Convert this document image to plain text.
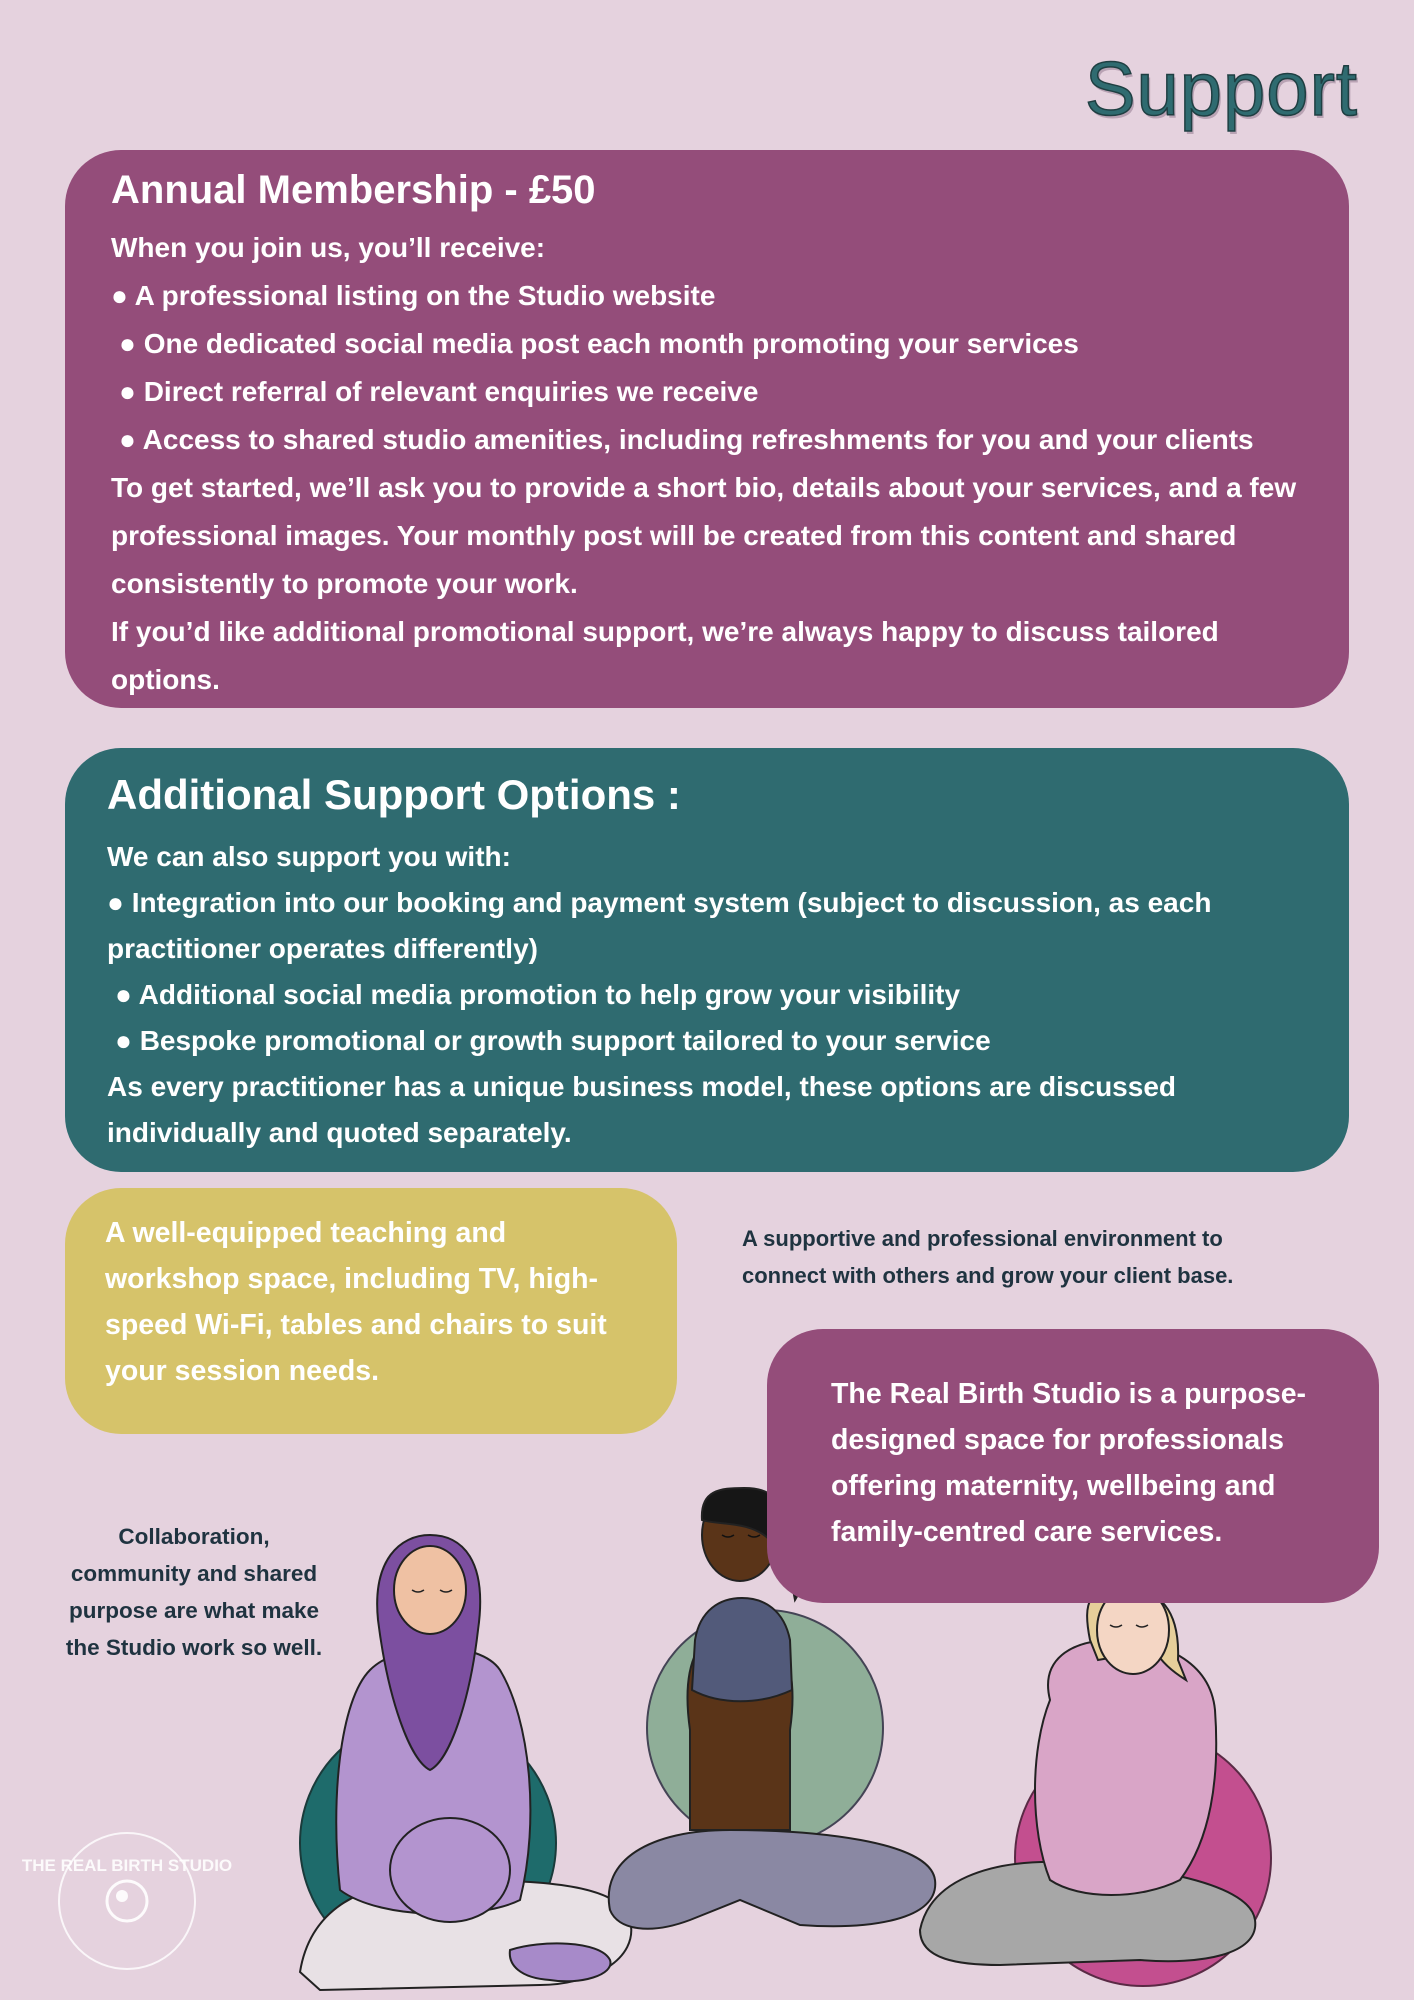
Support
Annual Membership - £50

When you join us, you’ll receive:

● A professional listing on the Studio website
● One dedicated social media post each month promoting your services
● Direct referral of relevant enquiries we receive
● Access to shared studio amenities, including refreshments for you and your clients

To get started, we’ll ask you to provide a short bio, details about your services, and a few professional images. Your monthly post will be created from this content and shared consistently to promote your work.

If you’d like additional promotional support, we’re always happy to discuss tailored options.

Additional Support Options :

We can also support you with:

● Integration into our booking and payment system (subject to discussion, as each practitioner operates differently)
● Additional social media promotion to help grow your visibility
● Bespoke promotional or growth support tailored to your service

As every practitioner has a unique business model, these options are discussed individually and quoted separately.

A well-equipped teaching and workshop space, including TV, high-speed Wi-Fi, tables and chairs to suit your session needs.

A supportive and professional environment to connect with others and grow your client base.

The Real Birth Studio is a purpose-designed space for professionals offering maternity, wellbeing and family-centred care services.

Collaboration, community and shared purpose are what make the Studio work so well.
THE REAL BIRTH STUDIO
